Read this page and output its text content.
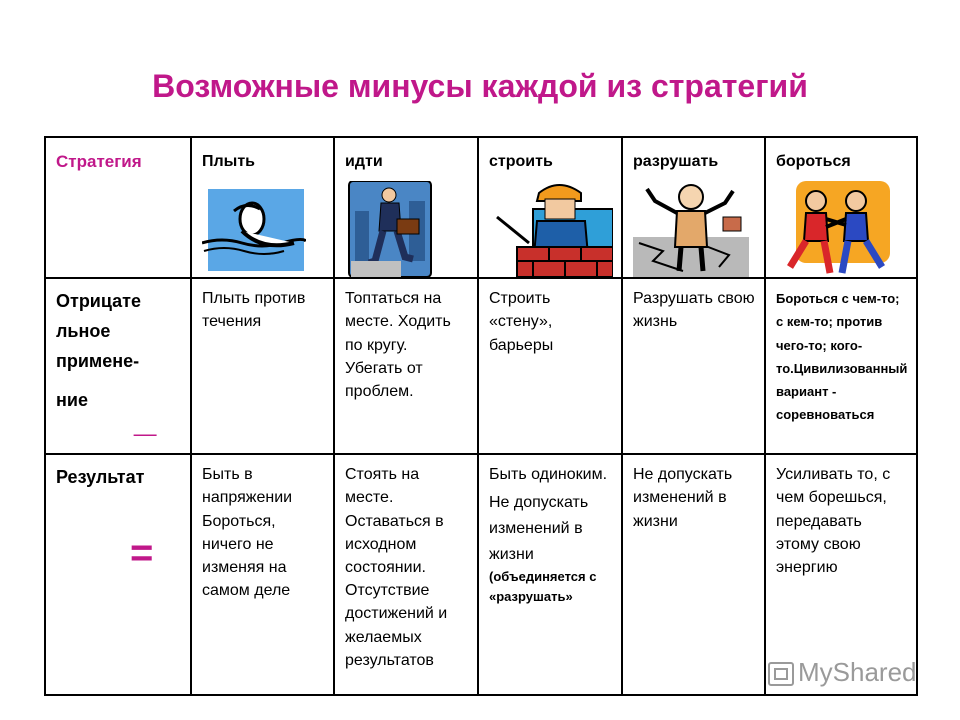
Возможные минусы каждой из стратегий
Стратегия	Плыть	идти	строить	разрушать	бороться

Отрицате
льное
примене-
ние _	Плыть против течения	Топтаться на месте. Ходить по кругу. Убегать от проблем.	Строить «стену», барьеры	Разрушать свою жизнь	Бороться с чем-то; с кем-то; против чего-то; кого-то.Цивилизованный вариант - соревноваться

Результат
=	Быть в напряжении Бороться, ничего не изменяя на самом деле	Стоять на месте. Оставаться в исходном состоянии. Отсутствие достижений и желаемых результатов	Быть одиноким.
Не допускать изменений в жизни
(объединяется с «разрушать»	Не допускать изменений в жизни	Усиливать то, с чем борешься, передавать этому свою энергию
MyShared
